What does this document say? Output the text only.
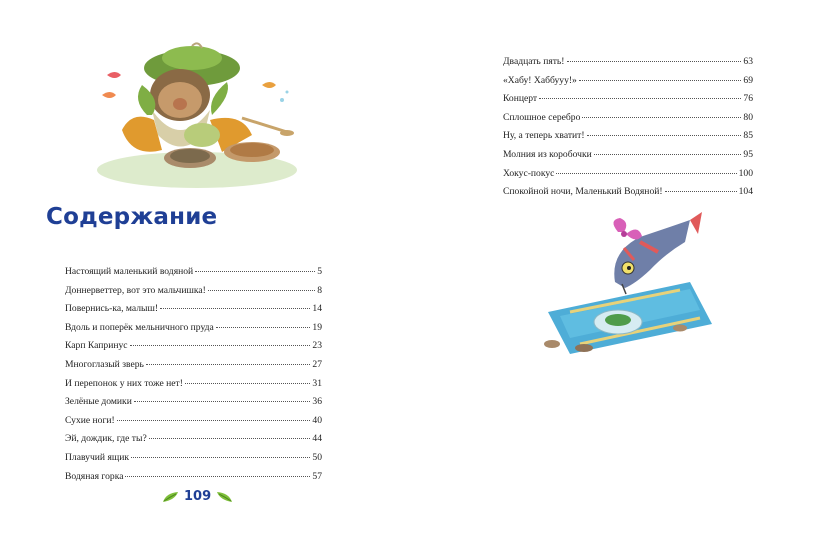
Содержание
Настоящий маленький водяной	5
Доннерветтер, вот это мальчишка!	8
Повернись-ка, малыш!	14
Вдоль и поперёк мельничного пруда	19
Карп Капринус	23
Многоглазый зверь	27
И перепонок у них тоже нет!	31
Зелёные домики	36
Сухие ноги!	40
Эй, дождик, где ты?	44
Плавучий ящик	50
Водяная горка	57
Двадцать пять!	63
«Хабу! Хаббууу!»	69
Концерт	76
Сплошное серебро	80
Ну, а теперь хватит!	85
Молния из коробочки	95
Хокус-покус	100
Спокойной ночи, Маленький Водяной!	104
109
